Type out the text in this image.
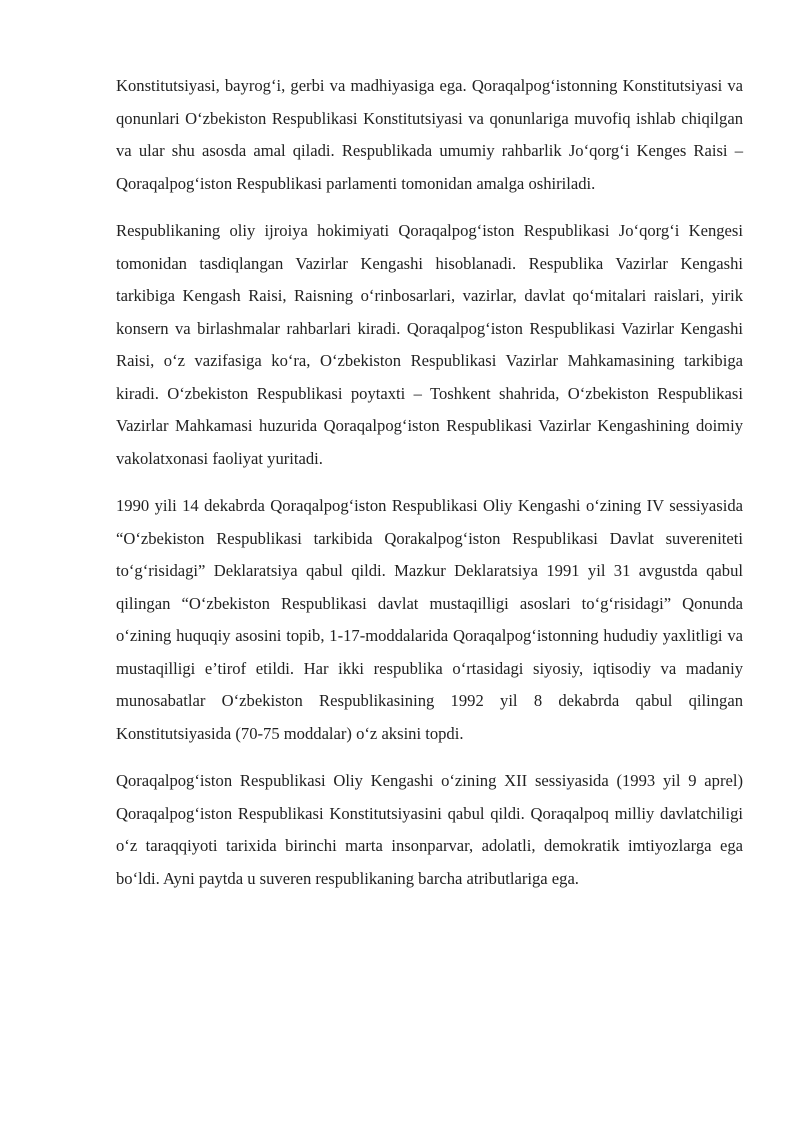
Konstitutsiyasi, bayrog‘i, gerbi va madhiyasiga ega. Qoraqalpog‘istonning Konstitutsiyasi va qonunlari O‘zbekiston Respublikasi Konstitutsiyasi va qonunlariga muvofiq ishlab chiqilgan va ular shu asosda amal qiladi. Respublikada umumiy rahbarlik Jo‘qorg‘i Kenges Raisi – Qoraqalpog‘iston Respublikasi parlamenti tomonidan amalga oshiriladi.

Respublikaning oliy ijroiya hokimiyati Qoraqalpog‘iston Respublikasi Jo‘qorg‘i Kengesi tomonidan tasdiqlangan Vazirlar Kengashi hisoblanadi. Respublika Vazirlar Kengashi tarkibiga Kengash Raisi, Raisning o‘rinbosarlari, vazirlar, davlat qo‘mitalari raislari, yirik konsern va birlashmalar rahbarlari kiradi. Qoraqalpog‘iston Respublikasi Vazirlar Kengashi Raisi, o‘z vazifasiga ko‘ra, O‘zbekiston Respublikasi Vazirlar Mahkamasining tarkibiga kiradi. O‘zbekiston Respublikasi poytaxti – Toshkent shahrida, O‘zbekiston Respublikasi Vazirlar Mahkamasi huzurida Qoraqalpog‘iston Respublikasi Vazirlar Kengashining doimiy vakolatxonasi faoliyat yuritadi.

1990 yili 14 dekabrda Qoraqalpog‘iston Respublikasi Oliy Kengashi o‘zining IV sessiyasida “O‘zbekiston Respublikasi tarkibida Qorakalpog‘iston Respublikasi Davlat suvereniteti to‘g‘risidagi” Deklaratsiya qabul qildi. Mazkur Deklaratsiya 1991 yil 31 avgustda qabul qilingan “O‘zbekiston Respublikasi davlat mustaqilligi asoslari to‘g‘risidagi” Qonunda o‘zining huquqiy asosini topib, 1-17-moddalarida Qoraqalpog‘istonning hududiy yaxlitligi va mustaqilligi e’tirof etildi. Har ikki respublika o‘rtasidagi siyosiy, iqtisodiy va madaniy munosabatlar O‘zbekiston Respublikasining 1992 yil 8 dekabrda qabul qilingan Konstitutsiyasida (70-75 moddalar) o‘z aksini topdi.

Qoraqalpog‘iston Respublikasi Oliy Kengashi o‘zining XII sessiyasida (1993 yil 9 aprel) Qoraqalpog‘iston Respublikasi Konstitutsiyasini qabul qildi. Qoraqalpoq milliy davlatchiligi o‘z taraqqiyoti tarixida birinchi marta insonparvar, adolatli, demokratik imtiyozlarga ega bo‘ldi. Ayni paytda u suveren respublikaning barcha atributlariga ega.
